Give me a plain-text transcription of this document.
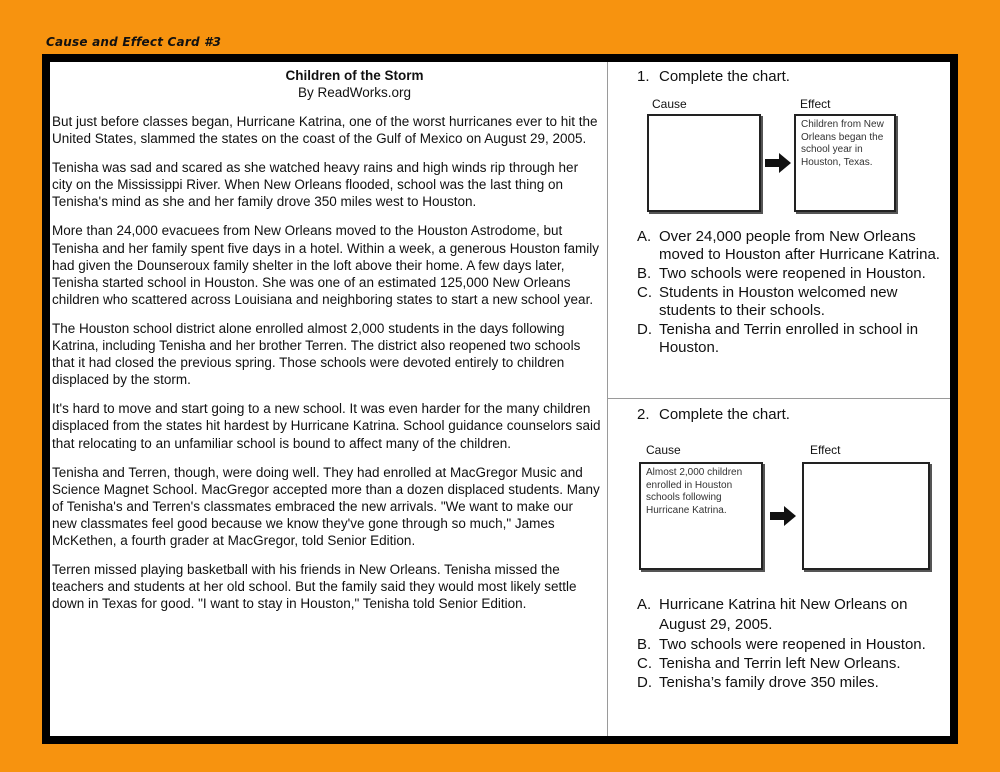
Cause and Effect Card #3
Children of the Storm
By ReadWorks.org

But just before classes began, Hurricane Katrina, one of the worst hurricanes ever to hit the United States, slammed the states on the coast of the Gulf of Mexico on August 29, 2005.

Tenisha was sad and scared as she watched heavy rains and high winds rip through her city on the Mississippi River. When New Orleans flooded, school was the last thing on Tenisha's mind as she and her family drove 350 miles west to Houston.

More than 24,000 evacuees from New Orleans moved to the Houston Astrodome, but Tenisha and her family spent five days in a hotel. Within a week, a generous Houston family had given the Dounseroux family shelter in the loft above their home. A few days later, Tenisha started school in Houston. She was one of an estimated 125,000 New Orleans children who scattered across Louisiana and neighboring states to start a new school year.

The Houston school district alone enrolled almost 2,000 students in the days following Katrina, including Tenisha and her brother Terren. The district also reopened two schools that it had closed the previous spring. Those schools were devoted entirely to children displaced by the storm.

It's hard to move and start going to a new school. It was even harder for the many children displaced from the states hit hardest by Hurricane Katrina. School guidance counselors said that relocating to an unfamiliar school is bound to affect many of the children.

Tenisha and Terren, though, were doing well. They had enrolled at MacGregor Music and Science Magnet School. MacGregor accepted more than a dozen displaced students. Many of Tenisha's and Terren's classmates embraced the new arrivals. "We want to make our new classmates feel good because we know they've gone through so much," James McKethen, a fourth grader at MacGregor, told Senior Edition.

Terren missed playing basketball with his friends in New Orleans. Tenisha missed the teachers and students at her old school. But the family said they would most likely settle down in Texas for good. "I want to stay in Houston," Tenisha told Senior Edition.

1. Complete the chart.
Cause	Effect
Children from New Orleans began the school year in Houston, Texas.
A. Over 24,000 people from New Orleans moved to Houston after Hurricane Katrina.
B. Two schools were reopened in Houston.
C. Students in Houston welcomed new students to their schools.
D. Tenisha and Terrin enrolled in school in Houston.
2. Complete the chart.
Cause	Effect
Almost 2,000 children enrolled in Houston schools following Hurricane Katrina.
A. Hurricane Katrina hit New Orleans on August 29, 2005.
B. Two schools were reopened in Houston.
C. Tenisha and Terrin left New Orleans.
D. Tenisha’s family drove 350 miles.
